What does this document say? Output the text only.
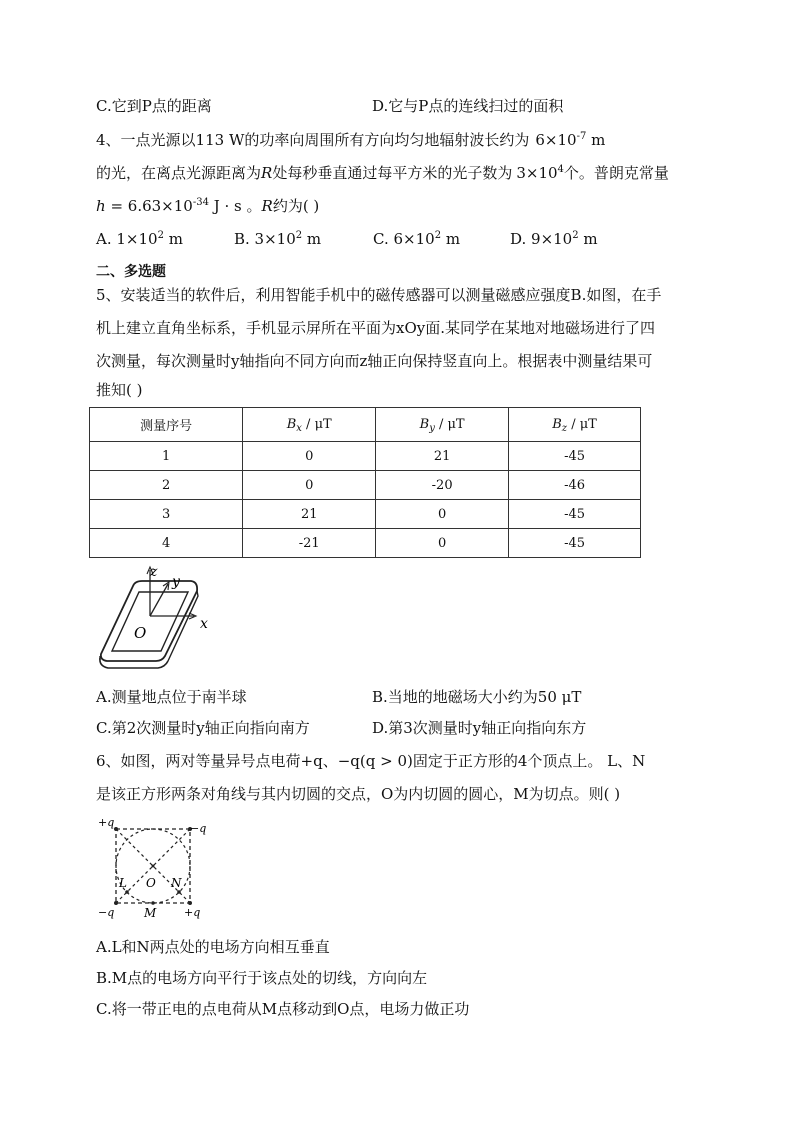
C.它到P点的距离	D.它与P点的连线扫过的面积
4、一点光源以113 W的功率向周围所有方向均匀地辐射波长约为 $6\times 10^{-7}$ m
的光，在离点光源距离为R处每秒垂直通过每平方米的光子数为 $3\times 10^4$个。普朗克常量
$h = 6.63\times 10^{-34}$ J · s 。R约为( )
A. $1\times 10^2$ m	B. $3\times 10^2$ m	C. $6\times 10^2$ m	D. $9\times 10^2$ m
二、多选题
5、安装适当的软件后，利用智能手机中的磁传感器可以测量磁感应强度B.如图，在手
机上建立直角坐标系，手机显示屏所在平面为xOy面.某同学在某地对地磁场进行了四
次测量，每次测量时y轴指向不同方向而z轴正向保持竖直向上。根据表中测量结果可
推知( )
测量序号	$B_x$ / μT	$B_y$ / μT	$B_z$ / μT
1	0	21	-45
2	0	-20	-46
3	21	0	-45
4	-21	0	-45
z
y
x
O
A.测量地点位于南半球	B.当地的地磁场大小约为50 μT
C.第2次测量时y轴正向指向南方	D.第3次测量时y轴正向指向东方
6、如图，两对等量异号点电荷+q、−q(q > 0)固定于正方形的4个顶点上。 L、N
是该正方形两条对角线与其内切圆的交点，O为内切圆的圆心，M为切点。则( )
+q	−q
−q	+q
L O N
M
A.L和N两点处的电场方向相互垂直
B.M点的电场方向平行于该点处的切线，方向向左
C.将一带正电的点电荷从M点移动到O点，电场力做正功
